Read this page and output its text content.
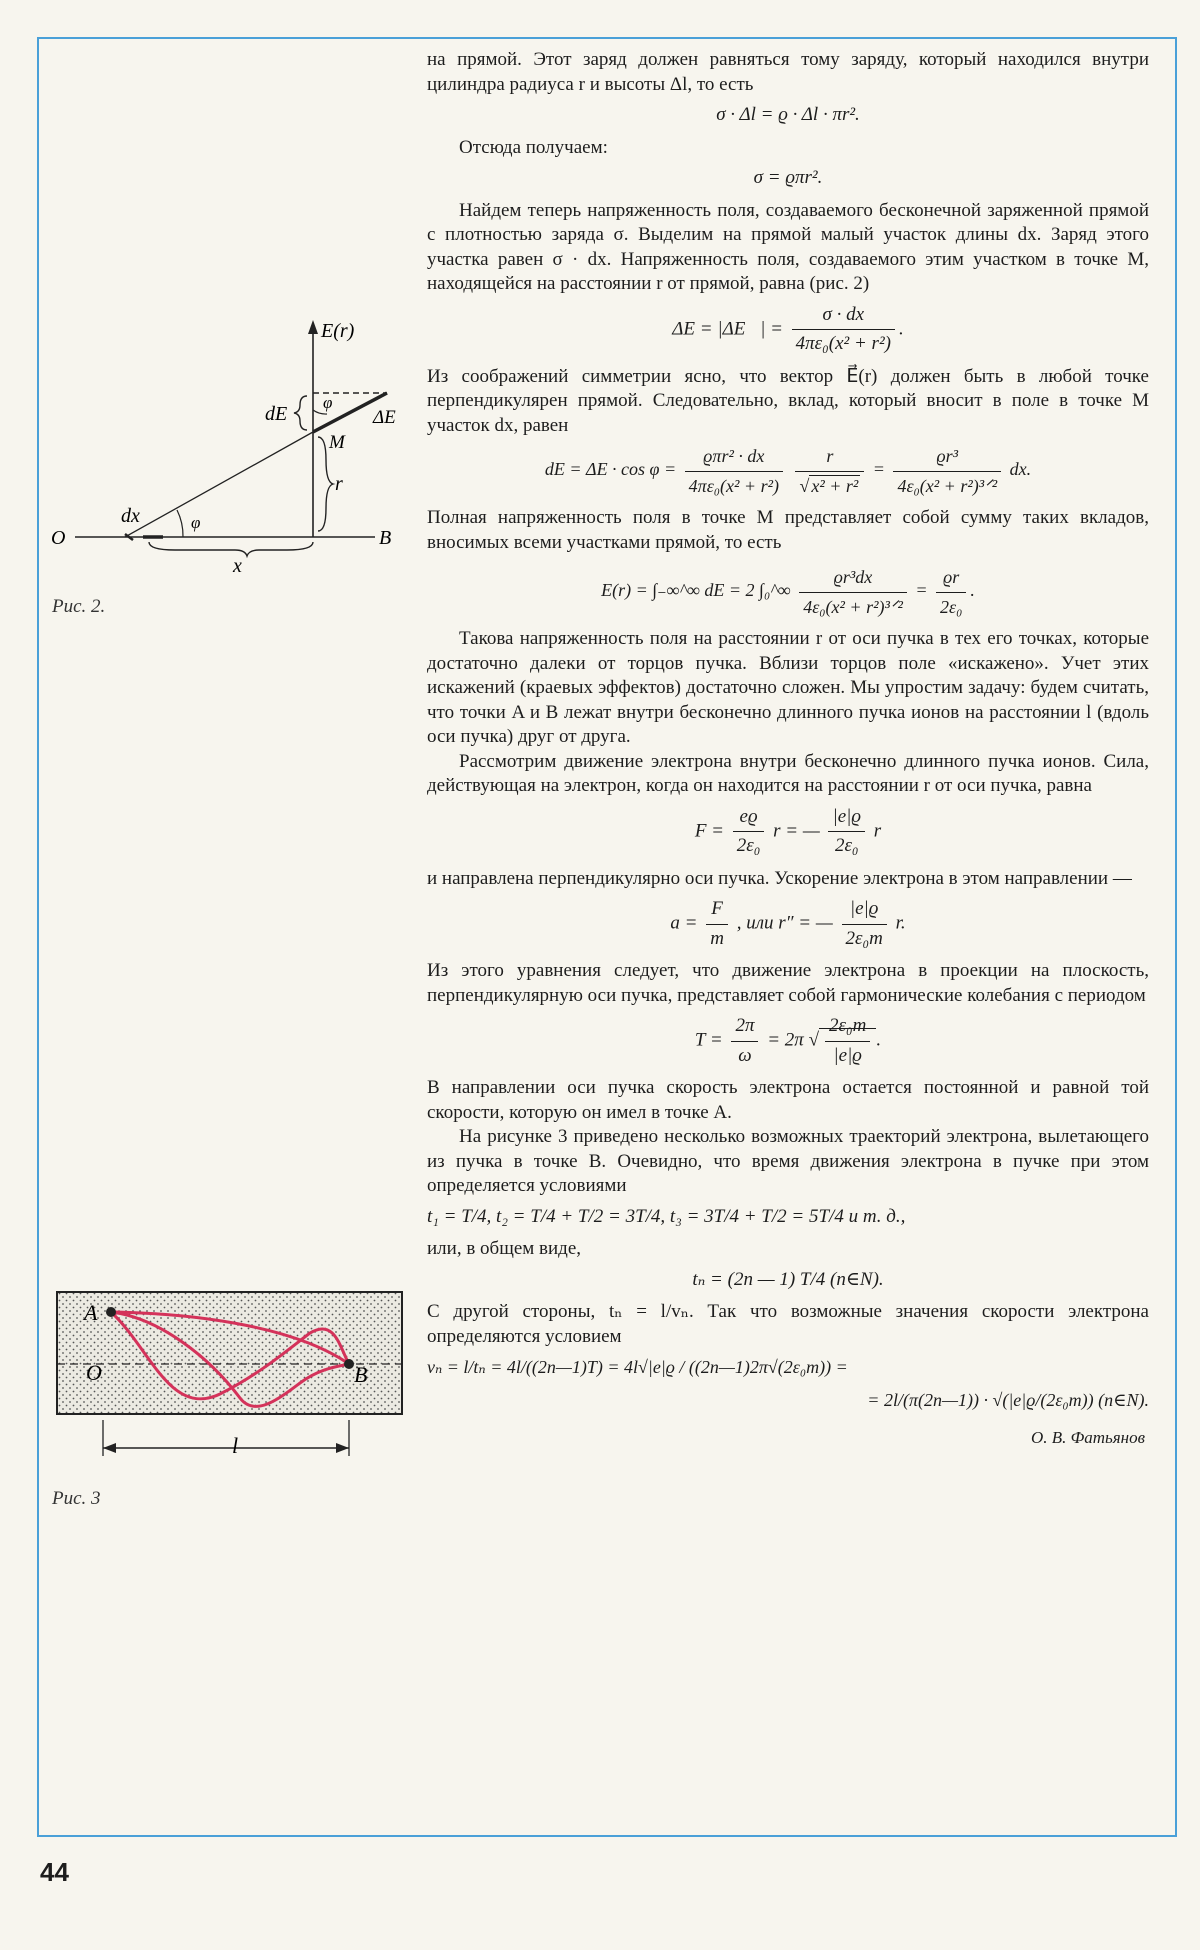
E(r)
dE
φ
ΔE
M
r
dx	φ
O	B
x
Рис. 2.
A
O	B
l
Рис. 3

на прямой. Этот заряд должен равняться тому заряду, который находился внутри цилиндра радиуса r и высоты Δl, то есть

σ · Δl = ϱ · Δl · πr².

Отсюда получаем:

σ = ϱπr².

Найдем теперь напряженность поля, создаваемого бесконечной заряженной прямой с плотностью заряда σ. Выделим на прямой малый участок длины dx. Заряд этого участка равен σ · dx. Напряженность поля, создаваемого этим участком в точке M, находящейся на расстоянии r от прямой, равна (рис. 2)

ΔE = |ΔE⃗| = $\frac{\sigma \cdot dx}{\text{4πε₀(x² + r²)}}$ .

Из соображений симметрии ясно, что вектор E⃗(r) должен быть в любой точке перпендикулярен прямой. Следовательно, вклад, который вносит в поле в точке M участок dx, равен

dE = $\Delta E \cdot \cos \varphi = \frac{\text{ϱπr² · dx}}{\text{4πε₀(x² + r²)}}$
$\frac{r}{\text{√ x² + r²}} = \frac{\text{ϱr³}}{\text{4ε₀(x² + r²)³ᐟ²}}$ dx.

Полная напряженность поля в точке M представляет собой сумму таких вкладов, вносимых всеми участками прямой, то есть

E(r) = ∫₋∞^∞ dE = 2 ∫₀^∞ $\frac{\text{ϱr³dx}}{\text{4ε₀(x² + r²)³ᐟ²}} = \frac{ϱr}{\text{2ε₀}}$ .

Такова напряженность поля на расстоянии r от оси пучка в тех его точках, которые достаточно далеки от торцов пучка. Вблизи торцов поле «искажено». Учет этих искажений (краевых эффектов) достаточно сложен. Мы упростим задачу: будем считать, что точки A и B лежат внутри бесконечно длинного пучка ионов на расстоянии l (вдоль оси пучка) друг от друга.

Рассмотрим движение электрона внутри бесконечно длинного пучка ионов. Сила, действующая на электрон, когда он находится на расстоянии r от оси пучка, равна

$F = \frac{eϱ}{\text{2ε₀}}$ r = — $\frac{|e|ϱ}{\text{2ε₀}}$ r

и направлена перпендикулярно оси пучка. Ускорение электрона в этом направлении —

$a = \frac{F}{m}$ , или r″ = — $\frac{|e|ϱ}{\text{2ε₀m}} r$.

Из этого уравнения следует, что движение электрона в проекции на плоскость, перпендикулярную оси пучка, представляет собой гармонические колебания с периодом

$T = \frac{2\pi}{\omega} = 2\pi$ √ $\frac{\text{2ε₀m}}{|e|ϱ}$ .

В направлении оси пучка скорость электрона остается постоянной и равной той скорости, которую он имел в точке A.

На рисунке 3 приведено несколько возможных траекторий электрона, вылетающего из пучка в точке B. Очевидно, что время движения электрона в пучке при этом определяется условиями

t₁ = T/4, t₂ = T/4 + T/2 = 3T/4, t₃ = 3T/4 + T/2 = 5T/4 и т. д.,

или, в общем виде,

tₙ = (2n — 1) T/4 (n∈N).

С другой стороны, tₙ = l/vₙ. Так что возможные значения скорости электрона определяются условием

vₙ = l/tₙ = 4l/((2n—1)T) = 4l√|e|ϱ / ((2n—1)2π√(2ε₀m)) =
= 2l/(π(2n—1)) · √(|e|ϱ/(2ε₀m)) (n∈N).
О. В. Фатьянов
44
